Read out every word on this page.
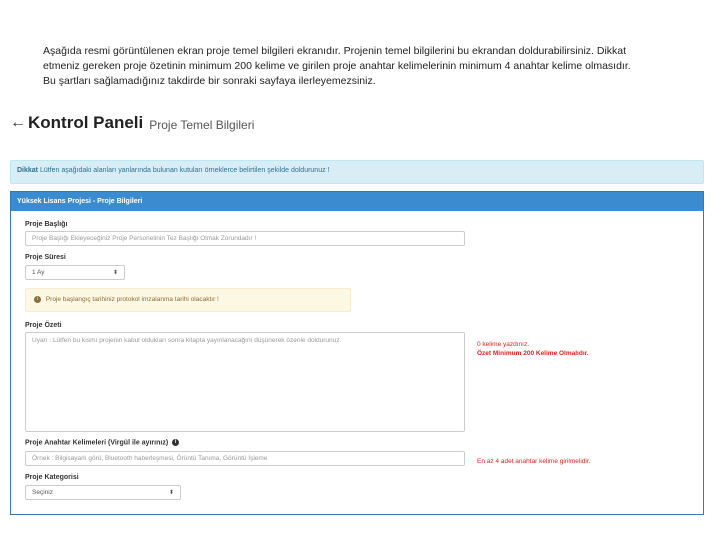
Aşağıda resmi görüntülenen ekran proje temel bilgileri ekranıdır. Projenin temel bilgilerini bu ekrandan doldurabilirsiniz. Dikkat

etmeniz gereken proje özetinin minimum 200 kelime ve girilen proje anahtar kelimelerinin minimum 4 anahtar kelime olmasıdır.

Bu şartları sağlamadığınız takdirde bir sonraki sayfaya ilerleyemezsiniz.

← Kontrol Paneli Proje Temel Bilgileri
Dikkat Lütfen aşağıdaki alanları yanlarında bulunan kutuları örneklerce belirtilen şekilde doldurunuz !
Yüksek Lisans Projesi - Proje Bilgileri
Proje Başlığı
Proje Başlığı Ekleyeceğiniz Proje Personelinin Tez Başlığı Olmak Zorundadır !
Proje Süresi
1 Ay	⬍
i Proje başlangıç tarihiniz protokol imzalanma tarihi olacaktır !
Proje Özeti
Uyarı : Lütfen bu kısmı projenin kabul oldukları sonra kitapta yayınlanacağını düşünerek özenle doldurunuz.
0 kelime yazdınız.
Özet Minimum 200 Kelime Olmalıdır.
Proje Anahtar Kelimeleri (Virgül ile ayırınız) i
Örnek : Bilgisayarlı görü, Bluetooth haberleşmesi, Örüntü Tanıma, Görüntü İşleme	En az 4 adet anahtar kelime girilmelidir.
Proje Kategorisi
Seçiniz	⬍
